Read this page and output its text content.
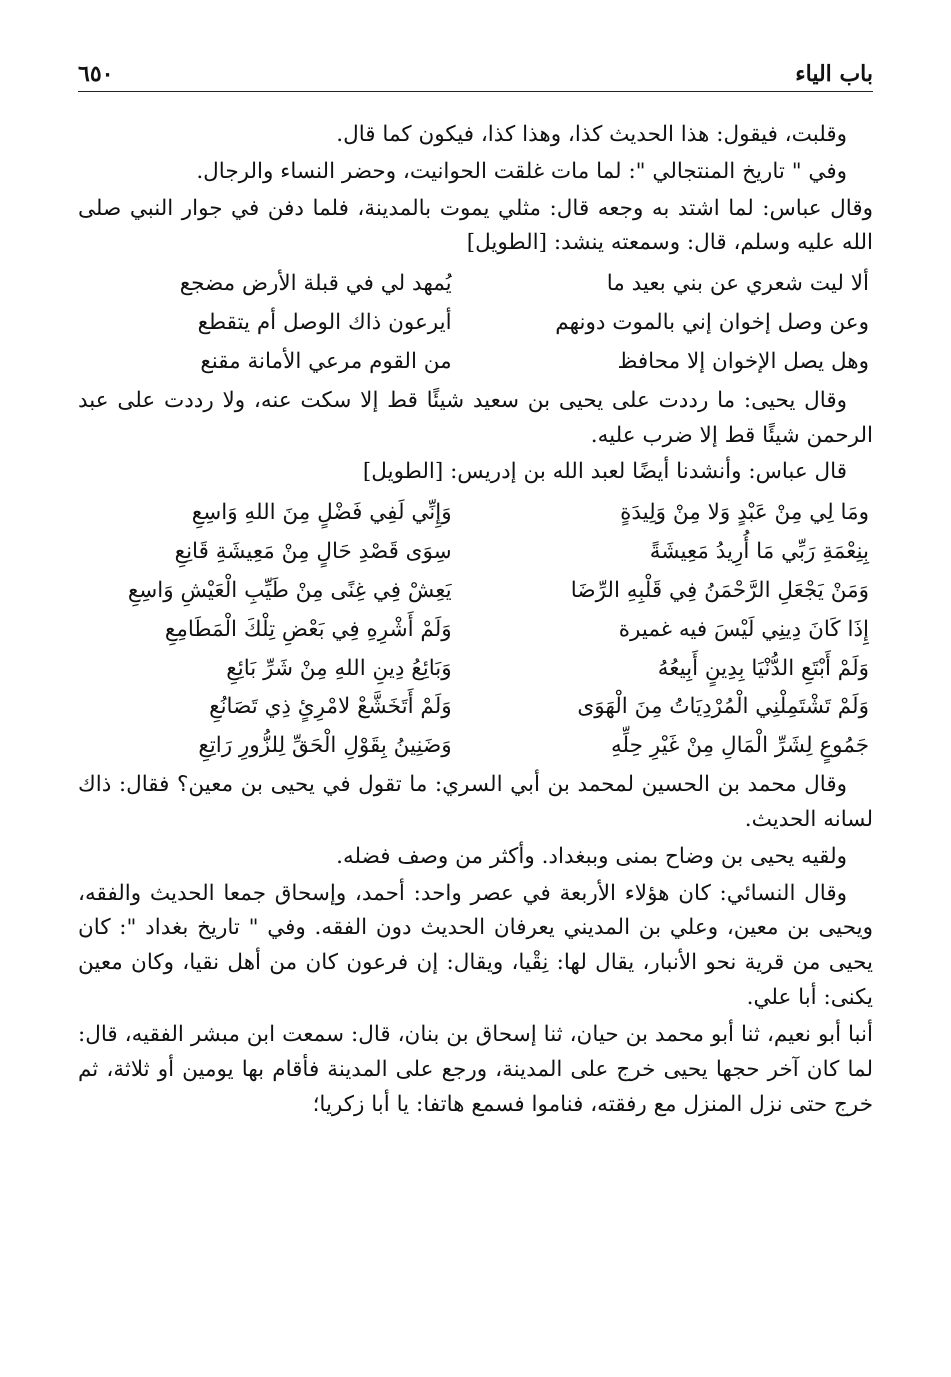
باب الياء
٦٥٠

وقلبت، فيقول: هذا الحديث كذا، وهذا كذا، فيكون كما قال.

وفي " تاريخ المنتجالي ": لما مات غلقت الحوانيت، وحضر النساء والرجال.

وقال عباس: لما اشتد به وجعه قال: مثلي يموت بالمدينة، فلما دفن في جوار النبي صلى الله عليه وسلم، قال: وسمعته ينشد: [الطويل]

ألا ليت شعري عن بني بعيد ما
يُمهد لي في قبلة الأرض مضجع
وعن وصل إخوان إني بالموت دونهم
أيرعون ذاك الوصل أم يتقطع
وهل يصل الإخوان إلا محافظ
من القوم مرعي الأمانة مقنع

وقال يحيى: ما رددت على يحيى بن سعيد شيئًا قط إلا سكت عنه، ولا رددت على عبد الرحمن شيئًا قط إلا ضرب عليه.

قال عباس: وأنشدنا أيضًا لعبد الله بن إدريس: [الطويل]

ومَا لِي مِنْ عَبْدٍ وَلا مِنْ وَلِيدَةٍ
وَإِنِّي لَفِي فَضْلٍ مِنَ اللهِ وَاسِعِ
بِنِعْمَةِ رَبِّي مَا أُرِيدُ مَعِيشَةً
سِوَى قَصْدِ حَالٍ مِنْ مَعِيشَةِ قَانِعِ
وَمَنْ يَجْعَلِ الرَّحْمَنُ فِي قَلْبِهِ الرِّضَا
يَعِشْ فِي غِنًى مِنْ طَيِّبِ الْعَيْشِ وَاسِعِ
إِذَا كَانَ دِينِي لَيْسَ فيه غميرة
وَلَمْ أَشْرِهِ فِي بَعْضِ تِلْكَ الْمَطَامِعِ
وَلَمْ أَبْتَعِ الدُّنْيَا بِدِينٍ أَبِيعُهُ
وَبَائِعُ دِينِ اللهِ مِنْ شَرِّ بَائِعِ
وَلَمْ تَشْتَمِلْنِي الْمُرْدِيَاتُ مِنَ الْهَوَى
وَلَمْ أَتَخَشَّعْ لامْرِئٍ ذِي تَصَانُعِ
جَمُوعٍ لِشَرِّ الْمَالِ مِنْ غَيْرِ حِلِّهِ
وَضَنِينُ بِقَوْلِ الْحَقِّ لِلزُّورِ رَاتِعِ

وقال محمد بن الحسين لمحمد بن أبي السري: ما تقول في يحيى بن معين؟ فقال: ذاك لسانه الحديث.

ولقيه يحيى بن وضاح بمنى وببغداد. وأكثر من وصف فضله.

وقال النسائي: كان هؤلاء الأربعة في عصر واحد: أحمد، وإسحاق جمعا الحديث والفقه، ويحيى بن معين، وعلي بن المديني يعرفان الحديث دون الفقه. وفي " تاريخ بغداد ": كان يحيى من قرية نحو الأنبار، يقال لها: نِقْيا، ويقال: إن فرعون كان من أهل نقيا، وكان معين يكنى: أبا علي.

أنبا أبو نعيم، ثنا أبو محمد بن حيان، ثنا إسحاق بن بنان، قال: سمعت ابن مبشر الفقيه، قال: لما كان آخر حجها يحيى خرج على المدينة، ورجع على المدينة فأقام بها يومين أو ثلاثة، ثم خرج حتى نزل المنزل مع رفقته، فناموا فسمع هاتفا: يا أبا زكريا؛
